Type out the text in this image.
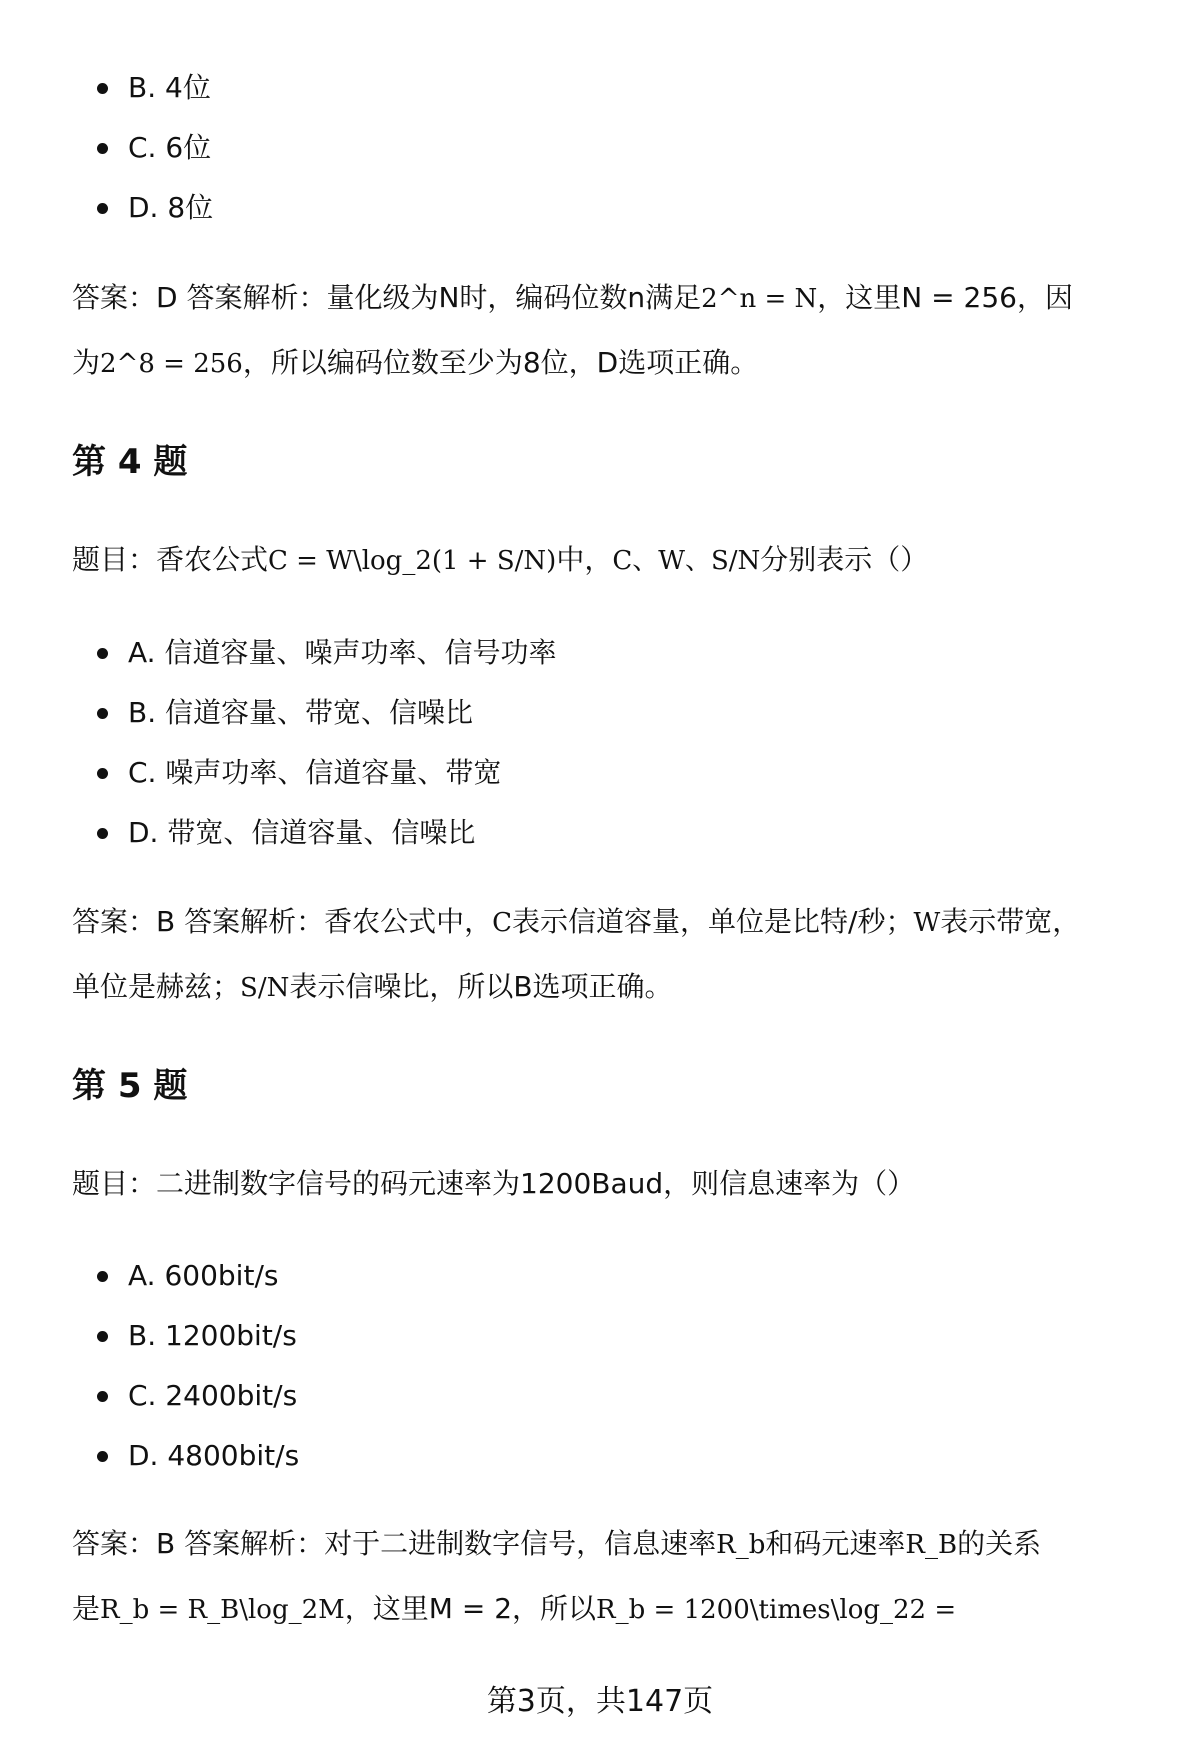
B. 4位
C. 6位
D. 8位

答案：D 答案解析：量化级为N时，编码位数n满足2^n = N，这里N = 256，因
为2^8 = 256，所以编码位数至少为8位，D选项正确。

第 4 题

题目：香农公式C = W\log_2(1 + S/N)中，C、W、S/N分别表示（）

A. 信道容量、噪声功率、信号功率
B. 信道容量、带宽、信噪比
C. 噪声功率、信道容量、带宽
D. 带宽、信道容量、信噪比

答案：B 答案解析：香农公式中，C表示信道容量，单位是比特/秒；W表示带宽，
单位是赫兹；S/N表示信噪比，所以B选项正确。

第 5 题

题目：二进制数字信号的码元速率为1200Baud，则信息速率为（）

A. 600bit/s
B. 1200bit/s
C. 2400bit/s
D. 4800bit/s

答案：B 答案解析：对于二进制数字信号，信息速率R_b和码元速率R_B的关系
是R_b = R_B\log_2M，这里M = 2，所以R_b = 1200\times\log_22 =

第3页，共147页
